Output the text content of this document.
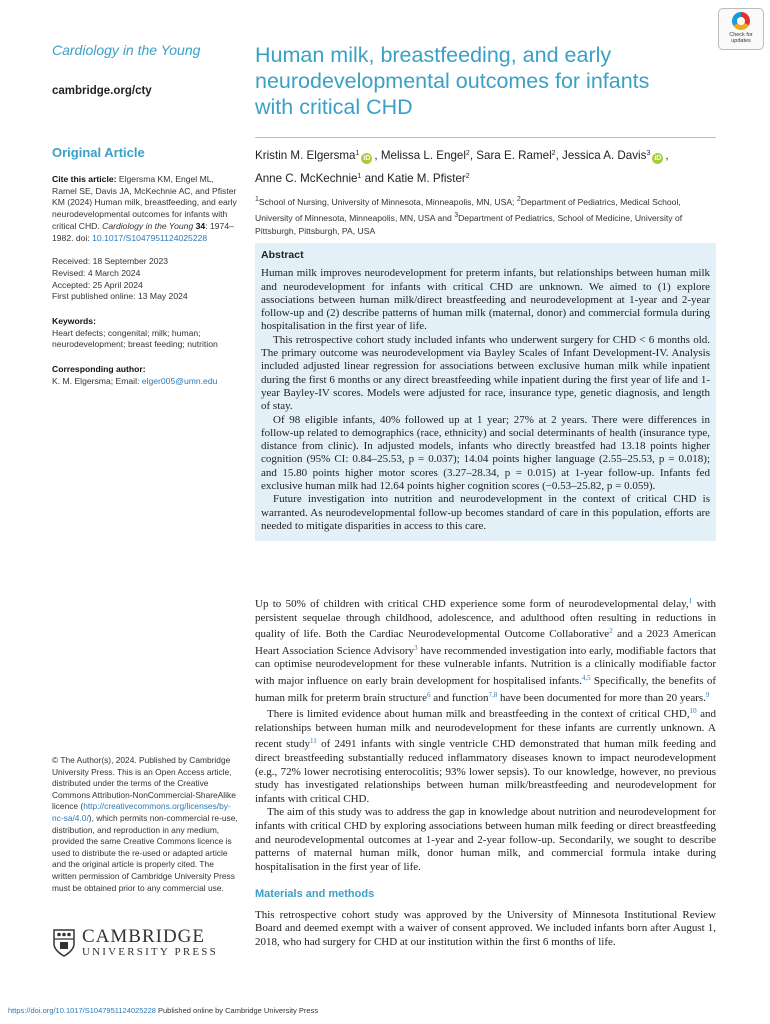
Check for
updates
Cardiology in the Young
cambridge.org/cty
Original Article
Cite this article: Elgersma KM, Engel ML, Ramel SE, Davis JA, McKechnie AC, and Pfister KM (2024) Human milk, breastfeeding, and early neurodevelopmental outcomes for infants with critical CHD. Cardiology in the Young 34: 1974–1982. doi: 10.1017/S1047951124025228
Received: 18 September 2023
Revised: 4 March 2024
Accepted: 25 April 2024
First published online: 13 May 2024
Keywords:
Heart defects; congenital; milk; human; neurodevelopment; breast feeding; nutrition
Corresponding author:
K. M. Elgersma; Email: elger005@umn.edu
© The Author(s), 2024. Published by Cambridge University Press. This is an Open Access article, distributed under the terms of the Creative Commons Attribution-NonCommercial-ShareAlike licence (http://creativecommons.org/licenses/by-nc-sa/4.0/), which permits non-commercial re-use, distribution, and reproduction in any medium, provided the same Creative Commons licence is used to distribute the re-used or adapted article and the original article is properly cited. The written permission of Cambridge University Press must be obtained prior to any commercial use.
CAMBRIDGE
UNIVERSITY PRESS
Human milk, breastfeeding, and early neurodevelopmental outcomes for infants with critical CHD
Kristin M. Elgersma$^1$iD , Melissa L. Engel$^2$, Sara E. Ramel$^2$, Jessica A. Davis$^3$iD ,
Anne C. McKechnie$^1$ and Katie M. Pfister$^2$
$^1$School of Nursing, University of Minnesota, Minneapolis, MN, USA; $^2$Department of Pediatrics, Medical School, University of Minnesota, Minneapolis, MN, USA and $^3$Department of Pediatrics, School of Medicine, University of Pittsburgh, Pittsburgh, PA, USA
Abstract

Human milk improves neurodevelopment for preterm infants, but relationships between human milk and neurodevelopment for infants with critical CHD are unknown. We aimed to (1) explore associations between human milk/direct breastfeeding and neurodevelopment at 1-year and 2-year follow-up and (2) describe patterns of human milk (maternal, donor) and commercial formula during hospitalisation in the first year of life.

This retrospective cohort study included infants who underwent surgery for CHD < 6 months old. The primary outcome was neurodevelopment via Bayley Scales of Infant Development-IV. Analysis included adjusted linear regression for associations between exclusive human milk while inpatient during the first 6 months or any direct breastfeeding while inpatient during the first year of life and 1-year Bayley-IV scores. Models were adjusted for race, insurance type, genetic diagnosis, and length of stay.

Of 98 eligible infants, 40% followed up at 1 year; 27% at 2 years. There were differences in follow-up related to demographics (race, ethnicity) and social determinants of health (insurance type, distance from clinic). In adjusted models, infants who directly breastfed had 13.18 points higher cognition (95% CI: 0.84–25.53, p = 0.037); 14.04 points higher language (2.55–25.53, p = 0.018); and 15.80 points higher motor scores (3.27–28.34, p = 0.015) at 1-year follow-up. Infants fed exclusive human milk had 12.64 points higher cognition scores (−0.53–25.82, p = 0.059).

Future investigation into nutrition and neurodevelopment in the context of critical CHD is warranted. As neurodevelopmental follow-up becomes standard of care in this population, efforts are needed to mitigate disparities in access to this care.

Up to 50% of children with critical CHD experience some form of neurodevelopmental delay,$^1$ with persistent sequelae through childhood, adolescence, and adulthood often resulting in reductions in quality of life. Both the Cardiac Neurodevelopmental Outcome Collaborative$^2$ and a 2023 American Heart Association Science Advisory$^3$ have recommended investigation into early, modifiable factors that can optimise neurodevelopment for these vulnerable infants. Nutrition is a clinically modifiable factor with major influence on early brain development for hospitalised infants.$^{4,5}$ Specifically, the benefits of human milk for preterm brain structure$^6$ and function$^{7,8}$ have been documented for more than 20 years.$^9$

There is limited evidence about human milk and breastfeeding in the context of critical CHD,$^{10}$ and relationships between human milk and neurodevelopment for these infants are currently unknown. A recent study$^{11}$ of 2491 infants with single ventricle CHD demonstrated that human milk feeding and direct breastfeeding substantially reduced inflammatory diseases known to impact neurodevelopment (e.g., 72% lower necrotising enterocolitis; 93% lower sepsis). To our knowledge, however, no previous study has investigated relationships between human milk/breastfeeding and neurodevelopment for infants with critical CHD.

The aim of this study was to address the gap in knowledge about nutrition and neurodevelopment for infants with critical CHD by exploring associations between human milk feeding or direct breastfeeding and neurodevelopmental outcomes at 1-year and 2-year follow-up. Secondarily, we sought to describe patterns of maternal human milk, donor human milk, and commercial formula intake during hospitalisation in the first year of life.

Materials and methods

This retrospective cohort study was approved by the University of Minnesota Institutional Review Board and deemed exempt with a waiver of consent approved. We included infants born after August 1, 2018, who had surgery for CHD at our institution within the first 6 months of life.

https://doi.org/10.1017/S1047951124025228 Published online by Cambridge University Press
